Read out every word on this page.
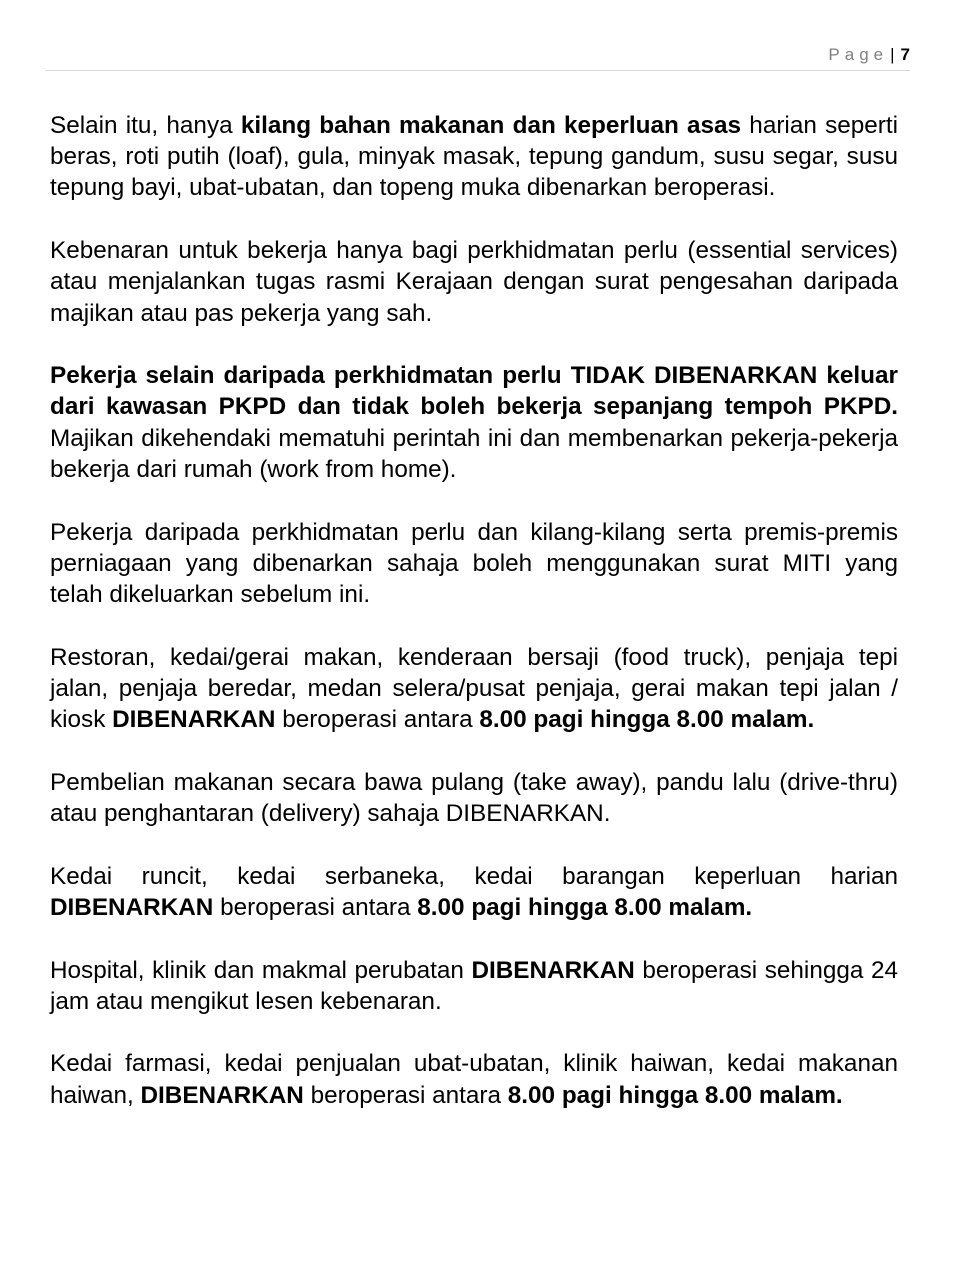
Page | 7

Selain itu, hanya kilang bahan makanan dan keperluan asas harian seperti beras, roti putih (loaf), gula, minyak masak, tepung gandum, susu segar, susu tepung bayi, ubat-ubatan, dan topeng muka dibenarkan beroperasi.

Kebenaran untuk bekerja hanya bagi perkhidmatan perlu (essential services) atau menjalankan tugas rasmi Kerajaan dengan surat pengesahan daripada majikan atau pas pekerja yang sah.

Pekerja selain daripada perkhidmatan perlu TIDAK DIBENARKAN keluar dari kawasan PKPD dan tidak boleh bekerja sepanjang tempoh PKPD. Majikan dikehendaki mematuhi perintah ini dan membenarkan pekerja-pekerja bekerja dari rumah (work from home).

Pekerja daripada perkhidmatan perlu dan kilang-kilang serta premis-premis perniagaan yang dibenarkan sahaja boleh menggunakan surat MITI yang telah dikeluarkan sebelum ini.

Restoran, kedai/gerai makan, kenderaan bersaji (food truck), penjaja tepi jalan, penjaja beredar, medan selera/pusat penjaja, gerai makan tepi jalan / kiosk DIBENARKAN beroperasi antara 8.00 pagi hingga 8.00 malam.

Pembelian makanan secara bawa pulang (take away), pandu lalu (drive-thru) atau penghantaran (delivery) sahaja DIBENARKAN.

Kedai runcit, kedai serbaneka, kedai barangan keperluan harian DIBENARKAN beroperasi antara 8.00 pagi hingga 8.00 malam.

Hospital, klinik dan makmal perubatan DIBENARKAN beroperasi sehingga 24 jam atau mengikut lesen kebenaran.

Kedai farmasi, kedai penjualan ubat-ubatan, klinik haiwan, kedai makanan haiwan, DIBENARKAN beroperasi antara 8.00 pagi hingga 8.00 malam.
